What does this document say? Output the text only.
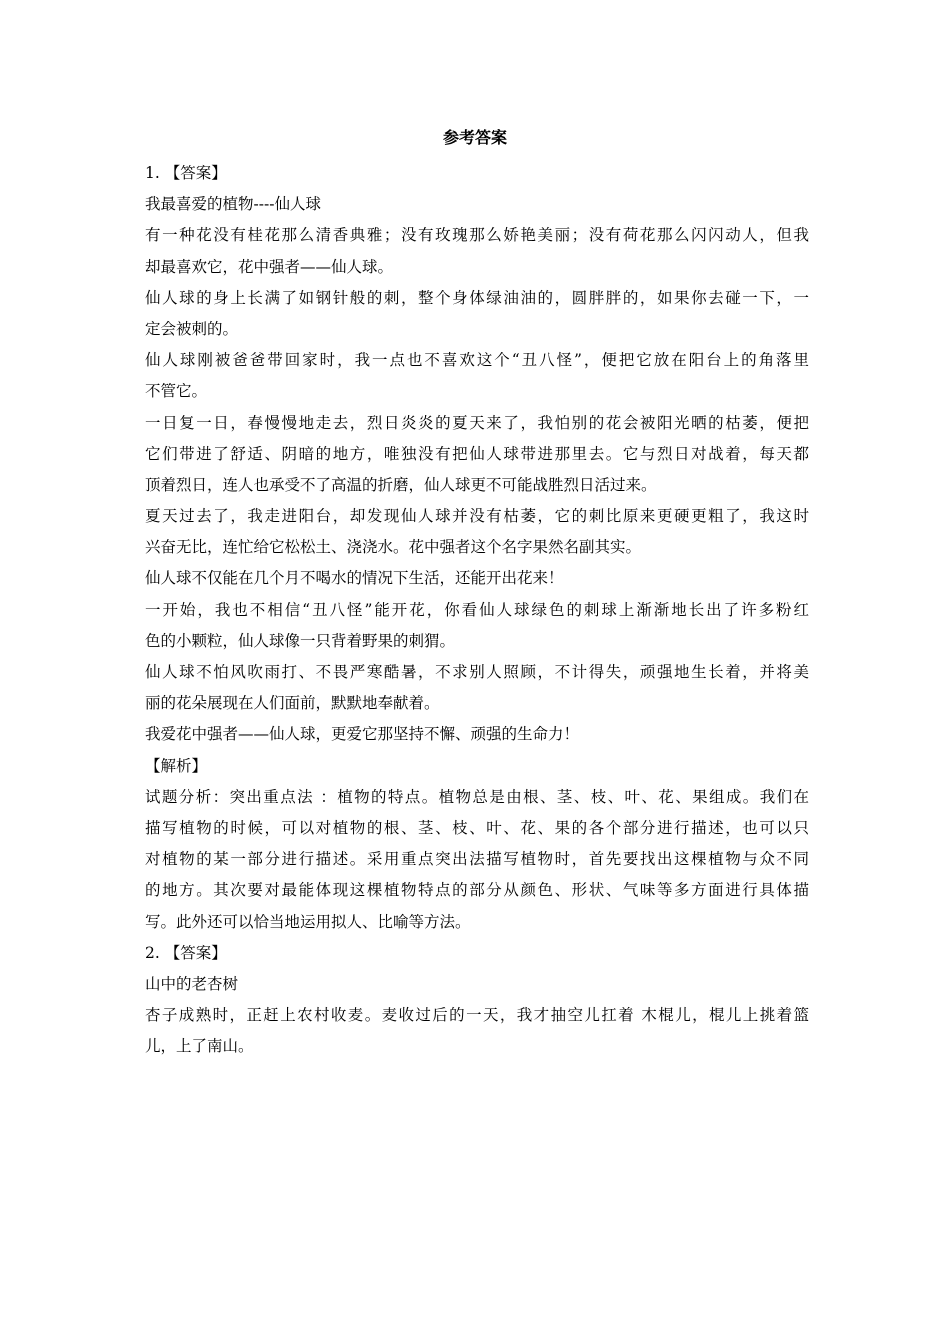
参考答案
1. 【答案】
我最喜爱的植物----仙人球
有一种花没有桂花那么清香典雅；没有玫瑰那么娇艳美丽；没有荷花那么闪闪动人，但我
却最喜欢它，花中强者——仙人球。
仙人球的身上长满了如钢针般的刺，整个身体绿油油的，圆胖胖的，如果你去碰一下，一
定会被刺的。
仙人球刚被爸爸带回家时，我一点也不喜欢这个“丑八怪”，便把它放在阳台上的角落里
不管它。
一日复一日，春慢慢地走去，烈日炎炎的夏天来了，我怕别的花会被阳光晒的枯萎，便把
它们带进了舒适、阴暗的地方，唯独没有把仙人球带进那里去。它与烈日对战着，每天都
顶着烈日，连人也承受不了高温的折磨，仙人球更不可能战胜烈日活过来。
夏天过去了，我走进阳台，却发现仙人球并没有枯萎，它的刺比原来更硬更粗了，我这时
兴奋无比，连忙给它松松土、浇浇水。花中强者这个名字果然名副其实。
仙人球不仅能在几个月不喝水的情况下生活，还能开出花来！
一开始，我也不相信“丑八怪”能开花，你看仙人球绿色的刺球上渐渐地长出了许多粉红
色的小颗粒，仙人球像一只背着野果的刺猬。
仙人球不怕风吹雨打、不畏严寒酷暑，不求别人照顾，不计得失，顽强地生长着，并将美
丽的花朵展现在人们面前，默默地奉献着。
我爱花中强者——仙人球，更爱它那坚持不懈、顽强的生命力！
【解析】
试题分析：突出重点法 ：植物的特点。植物总是由根、茎、枝、叶、花、果组成。我们在
描写植物的时候，可以对植物的根、茎、枝、叶、花、果的各个部分进行描述，也可以只
对植物的某一部分进行描述。采用重点突出法描写植物时，首先要找出这棵植物与众不同
的地方。其次要对最能体现这棵植物特点的部分从颜色、形状、气味等多方面进行具体描
写。此外还可以恰当地运用拟人、比喻等方法。
2. 【答案】
山中的老杏树
杏子成熟时，正赶上农村收麦。麦收过后的一天，我才抽空儿扛着 木棍儿，棍儿上挑着篮
儿，上了南山。
